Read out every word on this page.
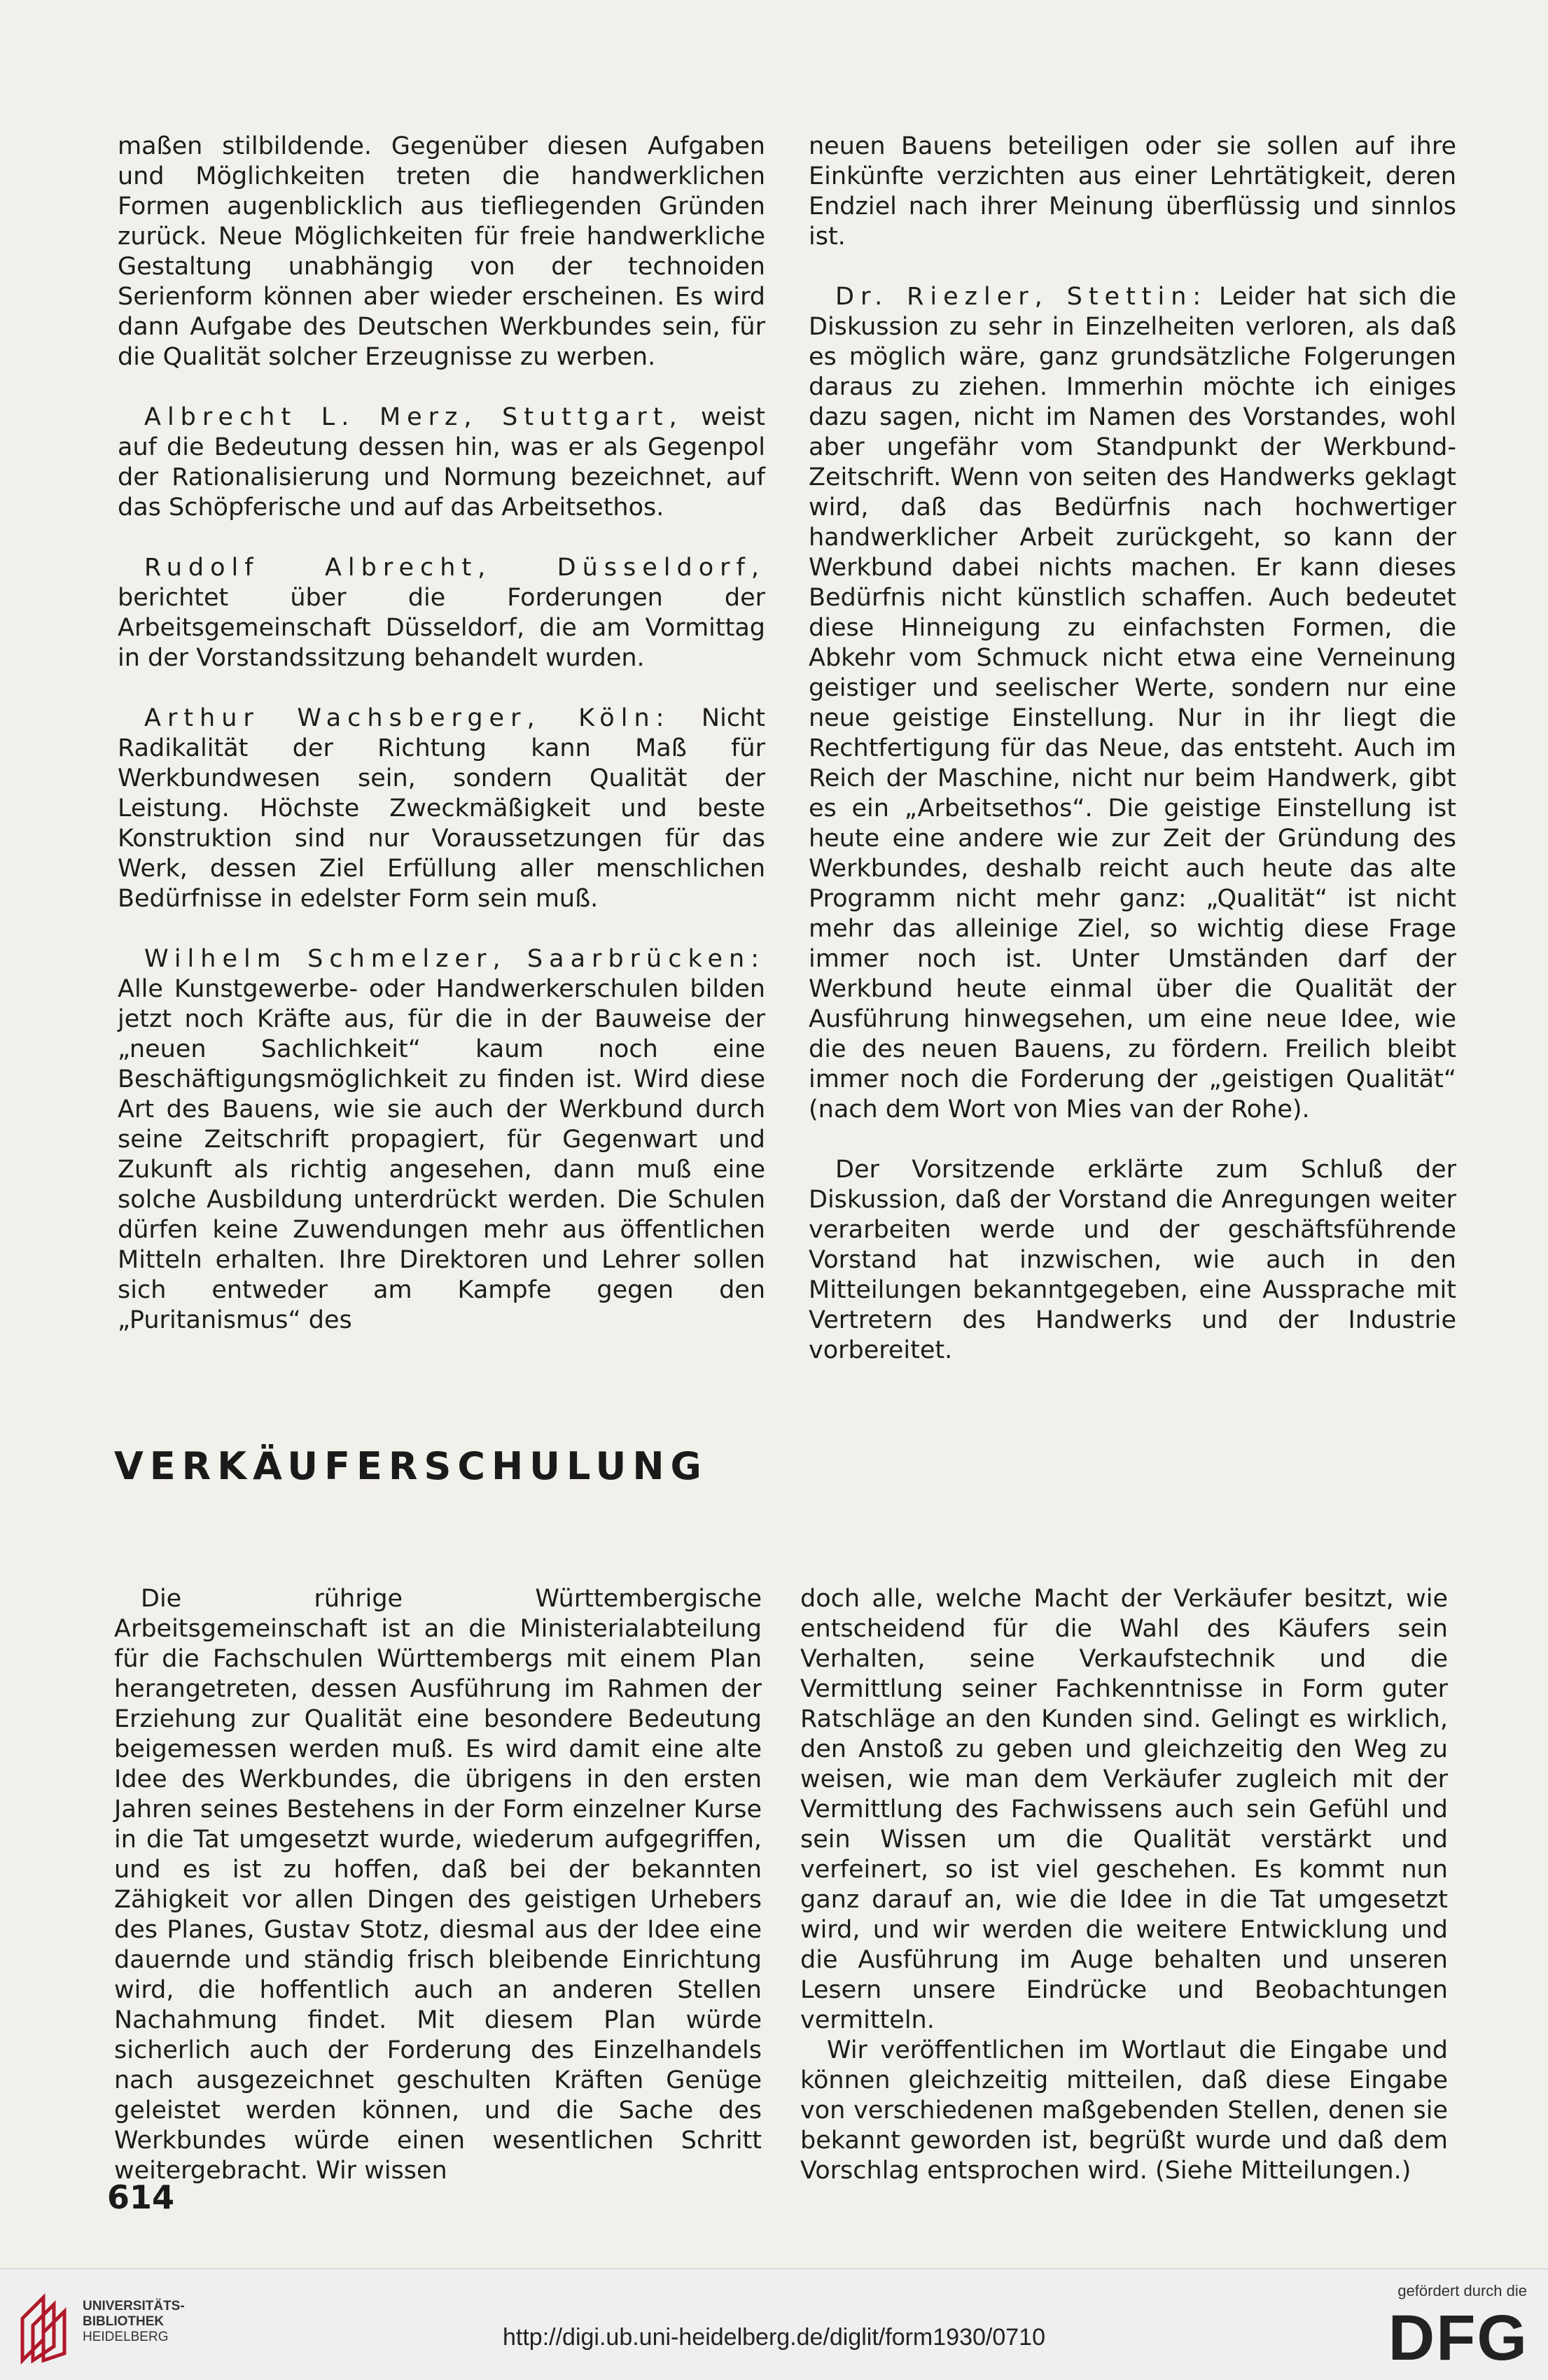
maßen stilbildende. Gegenüber diesen Aufgaben und Möglichkeiten treten die handwerklichen Formen augenblicklich aus tiefliegenden Gründen zurück. Neue Möglichkeiten für freie handwerkliche Gestaltung unabhängig von der technoiden Serienform können aber wieder erscheinen. Es wird dann Aufgabe des Deutschen Werkbundes sein, für die Qualität solcher Erzeugnisse zu werben.

Albrecht L. Merz, Stuttgart, weist auf die Bedeutung dessen hin, was er als Gegenpol der Rationalisierung und Normung bezeichnet, auf das Schöpferische und auf das Arbeitsethos.

Rudolf Albrecht, Düsseldorf, berichtet über die Forderungen der Arbeitsgemeinschaft Düsseldorf, die am Vormittag in der Vorstandssitzung behandelt wurden.

Arthur Wachsberger, Köln: Nicht Radikalität der Richtung kann Maß für Werkbundwesen sein, sondern Qualität der Leistung. Höchste Zweckmäßigkeit und beste Konstruktion sind nur Voraussetzungen für das Werk, dessen Ziel Erfüllung aller menschlichen Bedürfnisse in edelster Form sein muß.

Wilhelm Schmelzer, Saarbrücken: Alle Kunstgewerbe- oder Handwerkerschulen bilden jetzt noch Kräfte aus, für die in der Bauweise der „neuen Sachlichkeit“ kaum noch eine Beschäftigungsmöglichkeit zu finden ist. Wird diese Art des Bauens, wie sie auch der Werkbund durch seine Zeitschrift propagiert, für Gegenwart und Zukunft als richtig angesehen, dann muß eine solche Ausbildung unterdrückt werden. Die Schulen dürfen keine Zuwendungen mehr aus öffentlichen Mitteln erhalten. Ihre Direktoren und Lehrer sollen sich entweder am Kampfe gegen den „Puritanismus“ des

neuen Bauens beteiligen oder sie sollen auf ihre Einkünfte verzichten aus einer Lehrtätigkeit, deren Endziel nach ihrer Meinung überflüssig und sinnlos ist.

Dr. Riezler, Stettin: Leider hat sich die Diskussion zu sehr in Einzelheiten verloren, als daß es möglich wäre, ganz grundsätzliche Folgerungen daraus zu ziehen. Immerhin möchte ich einiges dazu sagen, nicht im Namen des Vorstandes, wohl aber ungefähr vom Standpunkt der Werkbund-Zeitschrift. Wenn von seiten des Handwerks geklagt wird, daß das Bedürfnis nach hochwertiger handwerklicher Arbeit zurückgeht, so kann der Werkbund dabei nichts machen. Er kann dieses Bedürfnis nicht künstlich schaffen. Auch bedeutet diese Hinneigung zu einfachsten Formen, die Abkehr vom Schmuck nicht etwa eine Verneinung geistiger und seelischer Werte, sondern nur eine neue geistige Einstellung. Nur in ihr liegt die Rechtfertigung für das Neue, das entsteht. Auch im Reich der Maschine, nicht nur beim Handwerk, gibt es ein „Arbeitsethos“. Die geistige Einstellung ist heute eine andere wie zur Zeit der Gründung des Werkbundes, deshalb reicht auch heute das alte Programm nicht mehr ganz: „Qualität“ ist nicht mehr das alleinige Ziel, so wichtig diese Frage immer noch ist. Unter Umständen darf der Werkbund heute einmal über die Qualität der Ausführung hinwegsehen, um eine neue Idee, wie die des neuen Bauens, zu fördern. Freilich bleibt immer noch die Forderung der „geistigen Qualität“ (nach dem Wort von Mies van der Rohe).

Der Vorsitzende erklärte zum Schluß der Diskussion, daß der Vorstand die Anregungen weiter verarbeiten werde und der geschäftsführende Vorstand hat inzwischen, wie auch in den Mitteilungen bekanntgegeben, eine Aussprache mit Vertretern des Handwerks und der Industrie vorbereitet.

VERKÄUFERSCHULUNG

Die rührige Württembergische Arbeitsgemeinschaft ist an die Ministerialabteilung für die Fachschulen Württembergs mit einem Plan herangetreten, dessen Ausführung im Rahmen der Erziehung zur Qualität eine besondere Bedeutung beigemessen werden muß. Es wird damit eine alte Idee des Werkbundes, die übrigens in den ersten Jahren seines Bestehens in der Form einzelner Kurse in die Tat umgesetzt wurde, wiederum aufgegriffen, und es ist zu hoffen, daß bei der bekannten Zähigkeit vor allen Dingen des geistigen Urhebers des Planes, Gustav Stotz, diesmal aus der Idee eine dauernde und ständig frisch bleibende Einrichtung wird, die hoffentlich auch an anderen Stellen Nachahmung findet. Mit diesem Plan würde sicherlich auch der Forderung des Einzelhandels nach ausgezeichnet geschulten Kräften Genüge geleistet werden können, und die Sache des Werkbundes würde einen wesentlichen Schritt weitergebracht. Wir wissen

doch alle, welche Macht der Verkäufer besitzt, wie entscheidend für die Wahl des Käufers sein Verhalten, seine Verkaufstechnik und die Vermittlung seiner Fachkenntnisse in Form guter Ratschläge an den Kunden sind. Gelingt es wirklich, den Anstoß zu geben und gleichzeitig den Weg zu weisen, wie man dem Verkäufer zugleich mit der Vermittlung des Fachwissens auch sein Gefühl und sein Wissen um die Qualität verstärkt und verfeinert, so ist viel geschehen. Es kommt nun ganz darauf an, wie die Idee in die Tat umgesetzt wird, und wir werden die weitere Entwicklung und die Ausführung im Auge behalten und unseren Lesern unsere Eindrücke und Beobachtungen vermitteln.

Wir veröffentlichen im Wortlaut die Eingabe und können gleichzeitig mitteilen, daß diese Eingabe von verschiedenen maßgebenden Stellen, denen sie bekannt geworden ist, begrüßt wurde und daß dem Vorschlag entsprochen wird. (Siehe Mitteilungen.)

614
UNIVERSITÄTS-
BIBLIOTHEK
HEIDELBERG	http://digi.ub.uni-heidelberg.de/diglit/form1930/0710
gefördert durch die
DFG
